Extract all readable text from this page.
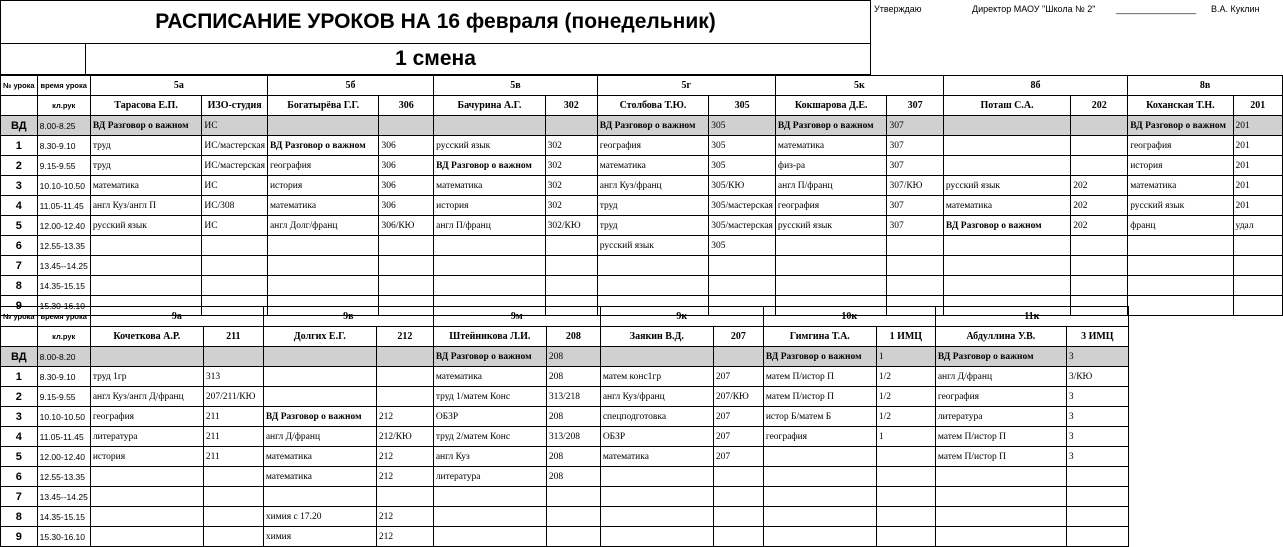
РАСПИСАНИЕ УРОКОВ НА 16 февраля (понедельник)
1 смена
Утверждаю	Директор МАОУ "Школа № 2" ________________ В.А. Куклин
№ урока	время урока	5а		5б		5в		5г		5к		8б		8в	
	кл.рук	Тарасова Е.П.	ИЗО-студия	Богатырёва Г.Г.	306	Бачурина А.Г.	302	Столбова Т.Ю.	305	Кокшарова Д.Е.	307	Поташ С.А.	202	Коханская Т.Н.	201
ВД	8.00-8.25	ВД Разговор о важном	ИС					ВД Разговор о важном	305	ВД Разговор о важном	307			ВД Разговор о важном	201
1	8.30-9.10	труд	ИС/мастерская	ВД Разговор о важном	306	русский язык	302	география	305	математика	307			география	201
2	9.15-9.55	труд	ИС/мастерская	география	306	ВД Разговор о важном	302	математика	305	физ-ра	307			история	201
3	10.10-10.50	математика	ИС	история	306	математика	302	англ Куз/франц	305/КЮ	англ П/франц	307/КЮ	русский язык	202	математика	201
4	11.05-11.45	англ Куз/англ П	ИС/308	математика	306	история	302	труд	305/мастерская	география	307	математика	202	русский язык	201
5	12.00-12.40	русский язык	ИС	англ Долг/франц	306/КЮ	англ П/франц	302/КЮ	труд	305/мастерская	русский язык	307	ВД Разговор о важном	202	франц	удал
6	12.55-13.35							русский язык	305						
7	13.45--14.25														
8	14.35-15.15														
9	15.30-16.10														
№ урока	время урока	9а		9в		9м		9к		10к		11к	
	кл.рук	Кочеткова А.Р.	211	Долгих Е.Г.	212	Штейникова Л.И.	208	Заякин В.Д.	207	Гимгина Т.А.	1 ИМЦ	Абдуллина У.В.	3 ИМЦ
ВД	8.00-8.20					ВД Разговор о важном	208			ВД Разговор о важном	1	ВД Разговор о важном	3
1	8.30-9.10	труд 1гр	313			математика	208	матем конс1гр	207	матем П/истор П	1/2	англ Д/франц	3/КЮ
2	9.15-9.55	англ Куз/англ Д/франц	207/211/КЮ			труд 1/матем Конс	313/218	англ Куз/франц	207/КЮ	матем П/истор П	1/2	география	3
3	10.10-10.50	география	211	ВД Разговор о важном	212	ОБЗР	208	спецподготовка	207	истор Б/матем Б	1/2	литература	3
4	11.05-11.45	литература	211	англ Д/франц	212/КЮ	труд 2/матем Конс	313/208	ОБЗР	207	география	1	матем П/истор П	3
5	12.00-12.40	история	211	математика	212	англ Куз	208	математика	207			матем П/истор П	3
6	12.55-13.35			математика	212	литература	208						
7	13.45--14.25												
8	14.35-15.15			химия с 17.20	212								
9	15.30-16.10			химия	212								
